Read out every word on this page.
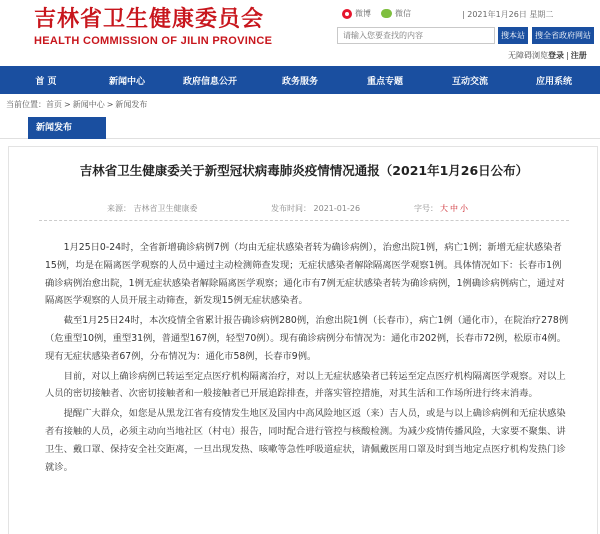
吉林省卫生健康委员会
HEALTH COMMISSION OF JILIN PROVINCE
微博	微信	| 2021年1月26日 星期二
请输入您要查找的内容
搜本站	搜全省政府网站
无障碍浏览登录 | 注册
首 页	新闻中心	政府信息公开	政务服务	重点专题	互动交流	应用系统
当前位置：首页 > 新闻中心 > 新闻发布
新闻发布
吉林省卫生健康委关于新型冠状病毒肺炎疫情情况通报（2021年1月26日公布）
来源： 吉林省卫生健康委	发布时间： 2021-01-26	字号： 大 中 小

1月25日0-24时，全省新增确诊病例7例（均由无症状感染者转为确诊病例），治愈出院1例，病亡1例；新增无症状感染者15例，均是在隔离医学观察的人员中通过主动检测筛查发现；无症状感染者解除隔离医学观察1例。具体情况如下：长春市1例确诊病例治愈出院，1例无症状感染者解除隔离医学观察；通化市有7例无症状感染者转为确诊病例，1例确诊病例病亡，通过对隔离医学观察的人员开展主动筛查，新发现15例无症状感染者。

截至1月25日24时，本次疫情全省累计报告确诊病例280例，治愈出院1例（长春市），病亡1例（通化市），在院治疗278例（危重型10例，重型31例，普通型167例，轻型70例）。现有确诊病例分布情况为：通化市202例，长春市72例，松原市4例。现有无症状感染者67例，分布情况为：通化市58例，长春市9例。

目前，对以上确诊病例已转运至定点医疗机构隔离治疗，对以上无症状感染者已转运至定点医疗机构隔离医学观察。对以上人员的密切接触者、次密切接触者和一般接触者已开展追踪排查，并落实管控措施，对其生活和工作场所进行终末消毒。

提醒广大群众，如您是从黑龙江省有疫情发生地区及国内中高风险地区返（来）吉人员，或是与以上确诊病例和无症状感染者有接触的人员，必须主动向当地社区（村屯）报告，同时配合进行管控与核酸检测。为减少疫情传播风险，大家要不聚集、讲卫生、戴口罩、保持安全社交距离，一旦出现发热、咳嗽等急性呼吸道症状，请佩戴医用口罩及时到当地定点医疗机构发热门诊就诊。
